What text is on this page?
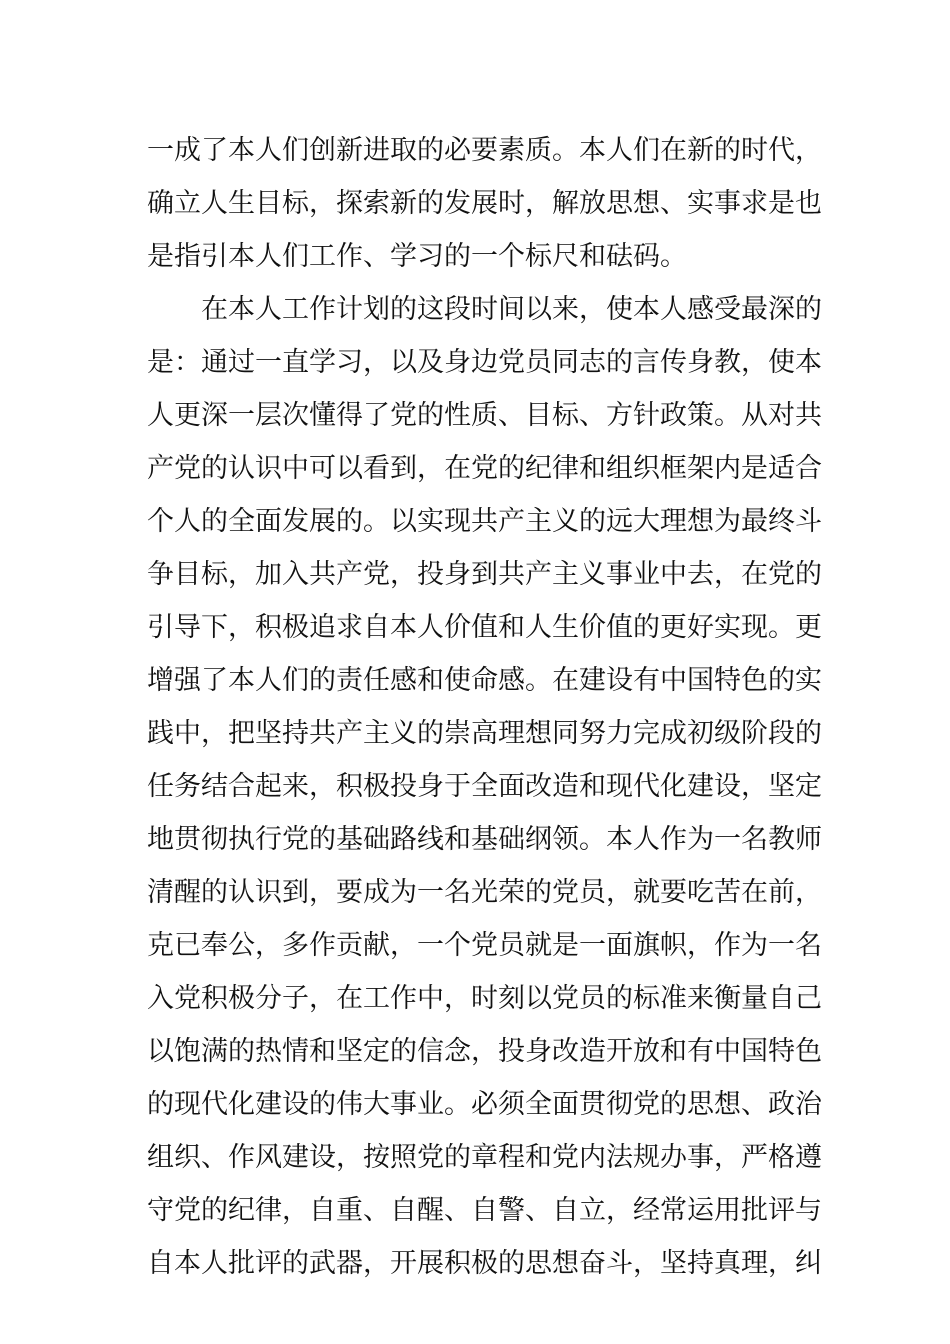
一成了本人们创新进取的必要素质。本人们在新的时代，
确立人生目标，探索新的发展时，解放思想、实事求是也
是指引本人们工作、学习的一个标尺和砝码。
在本人工作计划的这段时间以来，使本人感受最深的
是：通过一直学习，以及身边党员同志的言传身教，使本
人更深一层次懂得了党的性质、目标、方针政策。从对共
产党的认识中可以看到，在党的纪律和组织框架内是适合
个人的全面发展的。以实现共产主义的远大理想为最终斗
争目标，加入共产党，投身到共产主义事业中去，在党的
引导下，积极追求自本人价值和人生价值的更好实现。更
增强了本人们的责任感和使命感。在建设有中国特色的实
践中，把坚持共产主义的崇高理想同努力完成初级阶段的
任务结合起来，积极投身于全面改造和现代化建设，坚定
地贯彻执行党的基础路线和基础纲领。本人作为一名教师
清醒的认识到，要成为一名光荣的党员，就要吃苦在前，
克已奉公，多作贡献，一个党员就是一面旗帜，作为一名
入党积极分子，在工作中，时刻以党员的标准来衡量自己
以饱满的热情和坚定的信念，投身改造开放和有中国特色
的现代化建设的伟大事业。必须全面贯彻党的思想、政治
组织、作风建设，按照党的章程和党内法规办事，严格遵
守党的纪律，自重、自醒、自警、自立，经常运用批评与
自本人批评的武器，开展积极的思想奋斗，坚持真理，纠
